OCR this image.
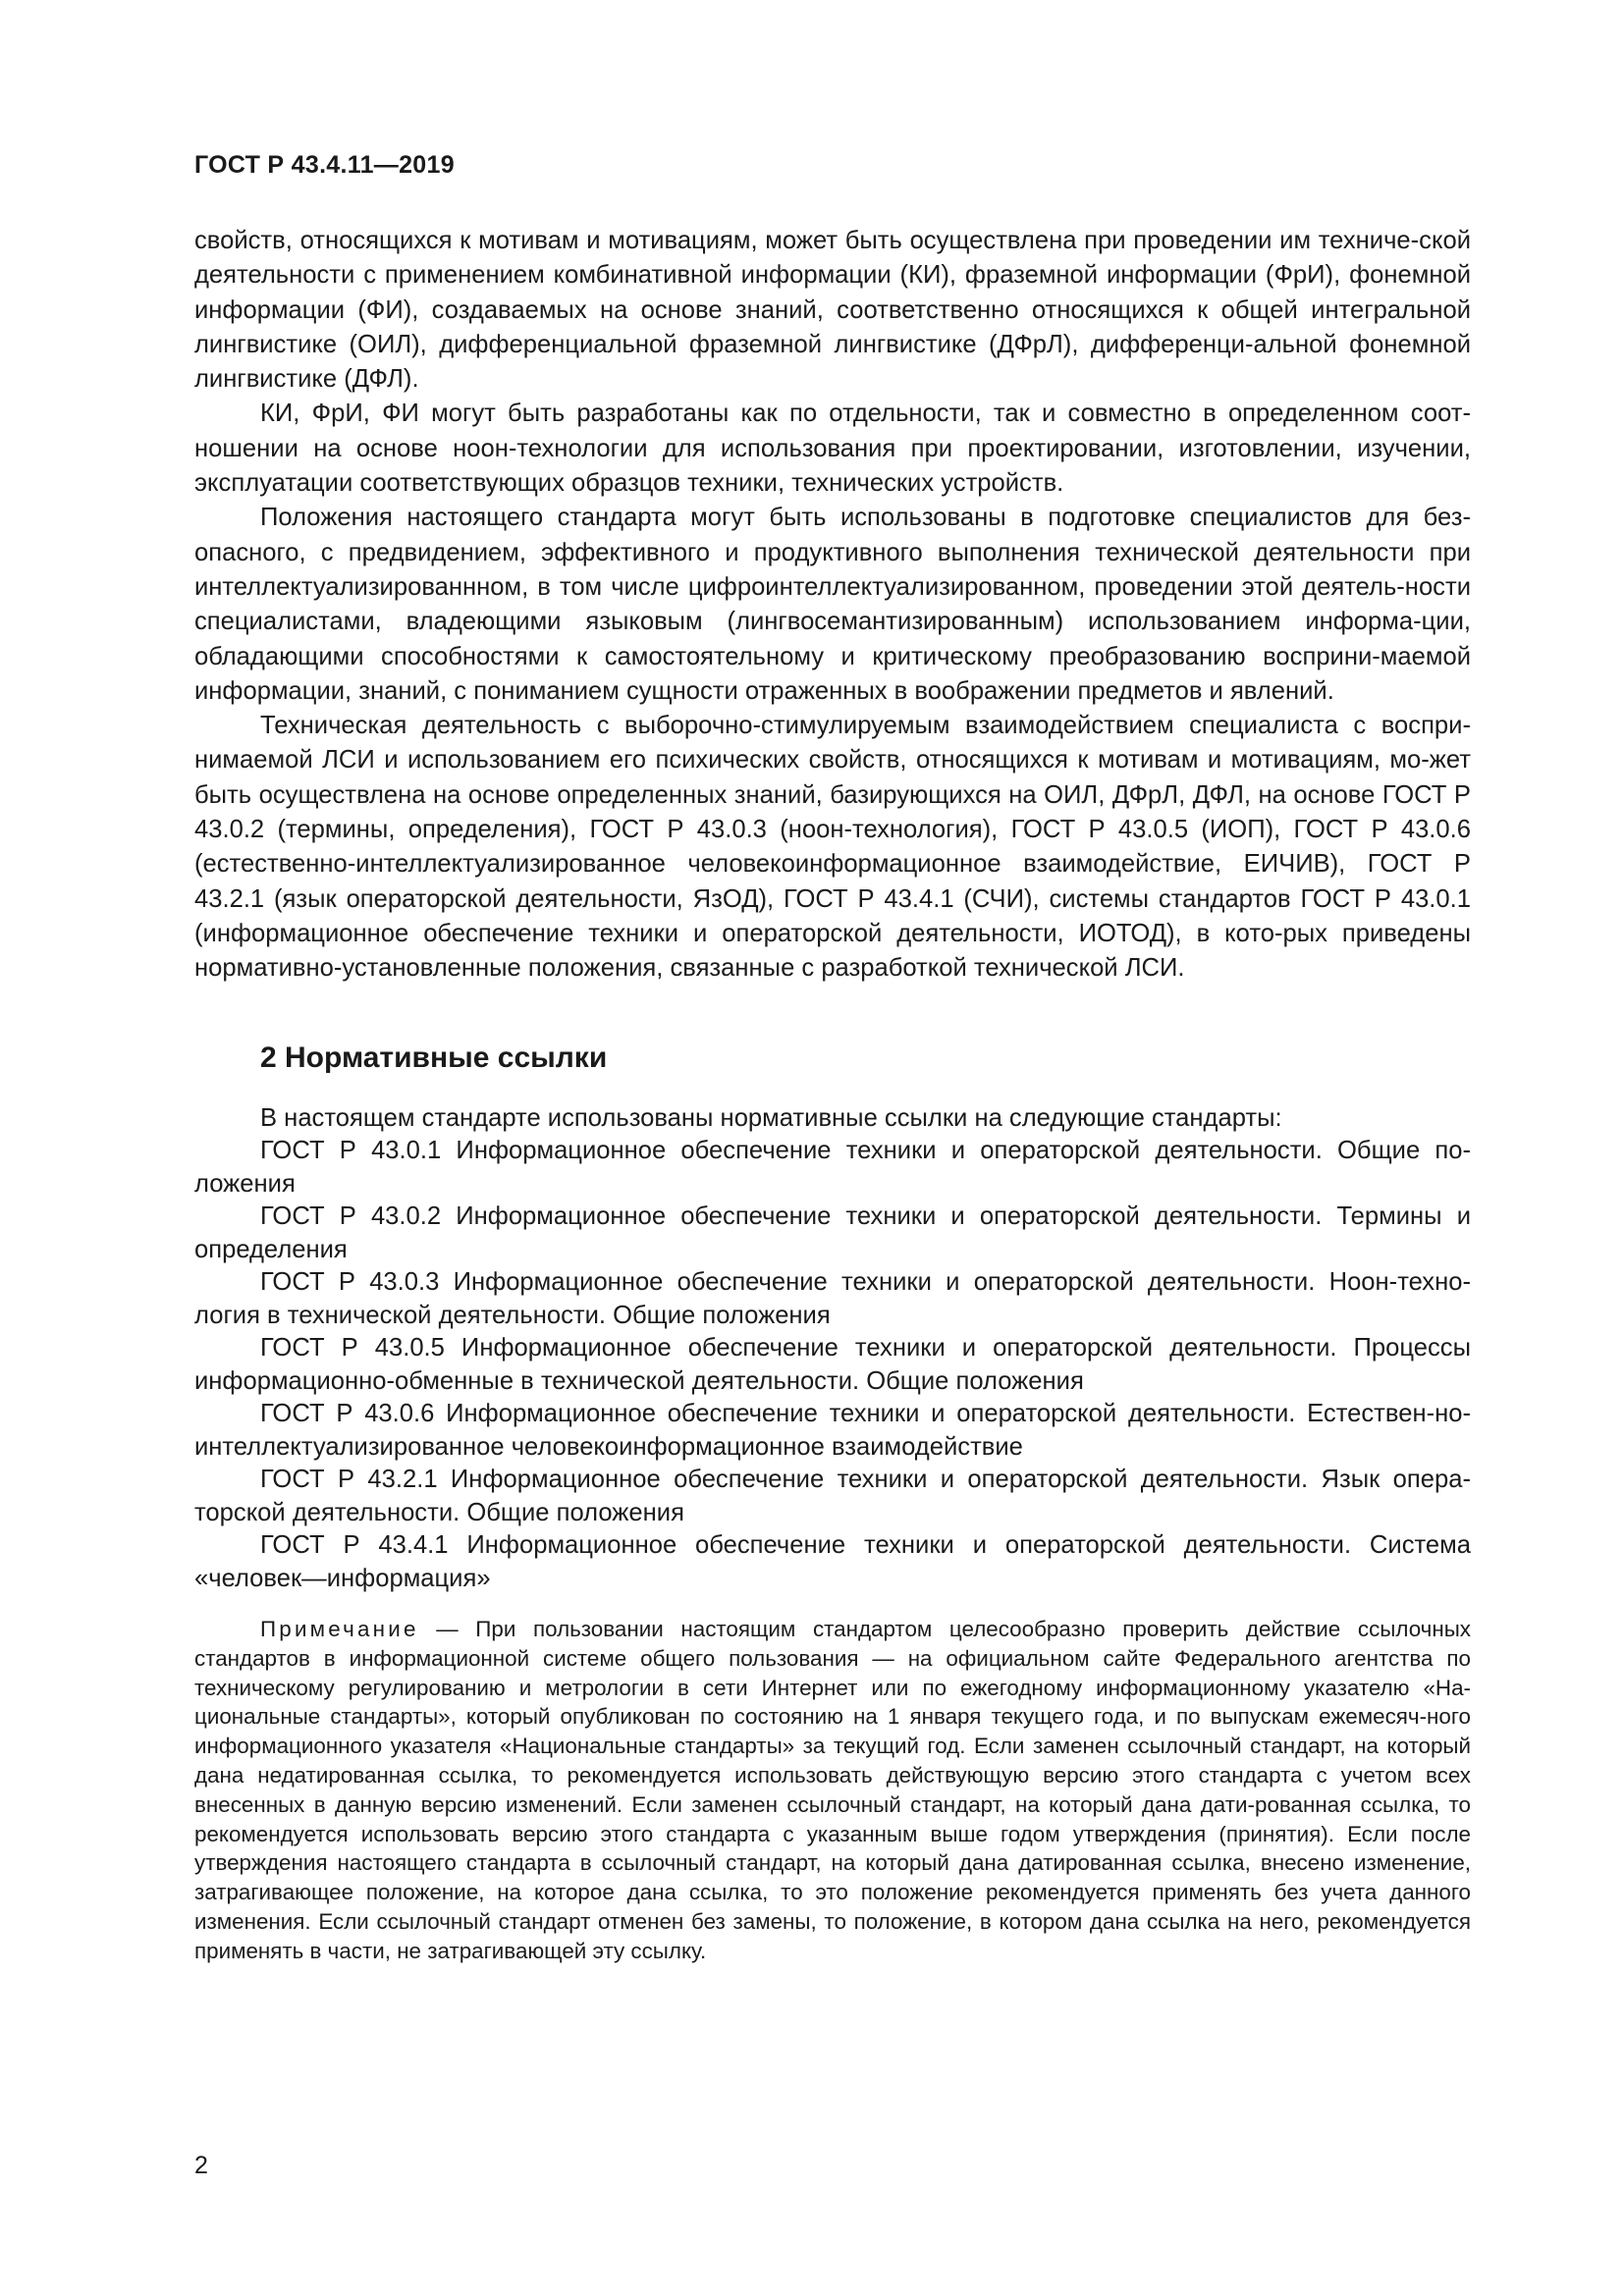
ГОСТ Р 43.4.11—2019

свойств, относящихся к мотивам и мотивациям, может быть осуществлена при проведении им техниче-ской деятельности с применением комбинативной информации (КИ), фраземной информации (ФрИ), фонемной информации (ФИ), создаваемых на основе знаний, соответственно относящихся к общей интегральной лингвистике (ОИЛ), дифференциальной фраземной лингвистике (ДФрЛ), дифференци-альной фонемной лингвистике (ДФЛ).

КИ, ФрИ, ФИ могут быть разработаны как по отдельности, так и совместно в определенном соот-ношении на основе ноон-технологии для использования при проектировании, изготовлении, изучении, эксплуатации соответствующих образцов техники, технических устройств.

Положения настоящего стандарта могут быть использованы в подготовке специалистов для без-опасного, с предвидением, эффективного и продуктивного выполнения технической деятельности при интеллектуализированнном, в том числе цифроинтеллектуализированном, проведении этой деятель-ности специалистами, владеющими языковым (лингвосемантизированным) использованием информа-ции, обладающими способностями к самостоятельному и критическому преобразованию восприни-маемой информации, знаний, с пониманием сущности отраженных в воображении предметов и явлений.

Техническая деятельность с выборочно-стимулируемым взаимодействием специалиста с воспри-нимаемой ЛСИ и использованием его психических свойств, относящихся к мотивам и мотивациям, мо-жет быть осуществлена на основе определенных знаний, базирующихся на ОИЛ, ДФрЛ, ДФЛ, на основе ГОСТ Р 43.0.2 (термины, определения), ГОСТ Р 43.0.3 (ноон-технология), ГОСТ Р 43.0.5 (ИОП), ГОСТ Р 43.0.6 (естественно-интеллектуализированное человекоинформационное взаимодействие, ЕИЧИВ), ГОСТ Р 43.2.1 (язык операторской деятельности, ЯзОД), ГОСТ Р 43.4.1 (СЧИ), системы стандартов ГОСТ Р 43.0.1 (информационное обеспечение техники и операторской деятельности, ИОТОД), в кото-рых приведены нормативно-установленные положения, связанные с разработкой технической ЛСИ.

2 Нормативные ссылки

В настоящем стандарте использованы нормативные ссылки на следующие стандарты:

ГОСТ Р 43.0.1 Информационное обеспечение техники и операторской деятельности. Общие по-ложения

ГОСТ Р 43.0.2 Информационное обеспечение техники и операторской деятельности. Термины и определения

ГОСТ Р 43.0.3 Информационное обеспечение техники и операторской деятельности. Ноон-техно-логия в технической деятельности. Общие положения

ГОСТ Р 43.0.5 Информационное обеспечение техники и операторской деятельности. Процессы информационно-обменные в технической деятельности. Общие положения

ГОСТ Р 43.0.6 Информационное обеспечение техники и операторской деятельности. Естествен-но-интеллектуализированное человекоинформационное взаимодействие

ГОСТ Р 43.2.1 Информационное обеспечение техники и операторской деятельности. Язык опера-торской деятельности. Общие положения

ГОСТ Р 43.4.1 Информационное обеспечение техники и операторской деятельности. Система «человек—информация»

Примечание — При пользовании настоящим стандартом целесообразно проверить действие ссылочных стандартов в информационной системе общего пользования — на официальном сайте Федерального агентства по техническому регулированию и метрологии в сети Интернет или по ежегодному информационному указателю «На-циональные стандарты», который опубликован по состоянию на 1 января текущего года, и по выпускам ежемесяч-ного информационного указателя «Национальные стандарты» за текущий год. Если заменен ссылочный стандарт, на который дана недатированная ссылка, то рекомендуется использовать действующую версию этого стандарта с учетом всех внесенных в данную версию изменений. Если заменен ссылочный стандарт, на который дана дати-рованная ссылка, то рекомендуется использовать версию этого стандарта с указанным выше годом утверждения (принятия). Если после утверждения настоящего стандарта в ссылочный стандарт, на который дана датированная ссылка, внесено изменение, затрагивающее положение, на которое дана ссылка, то это положение рекомендуется применять без учета данного изменения. Если ссылочный стандарт отменен без замены, то положение, в котором дана ссылка на него, рекомендуется применять в части, не затрагивающей эту ссылку.

2
